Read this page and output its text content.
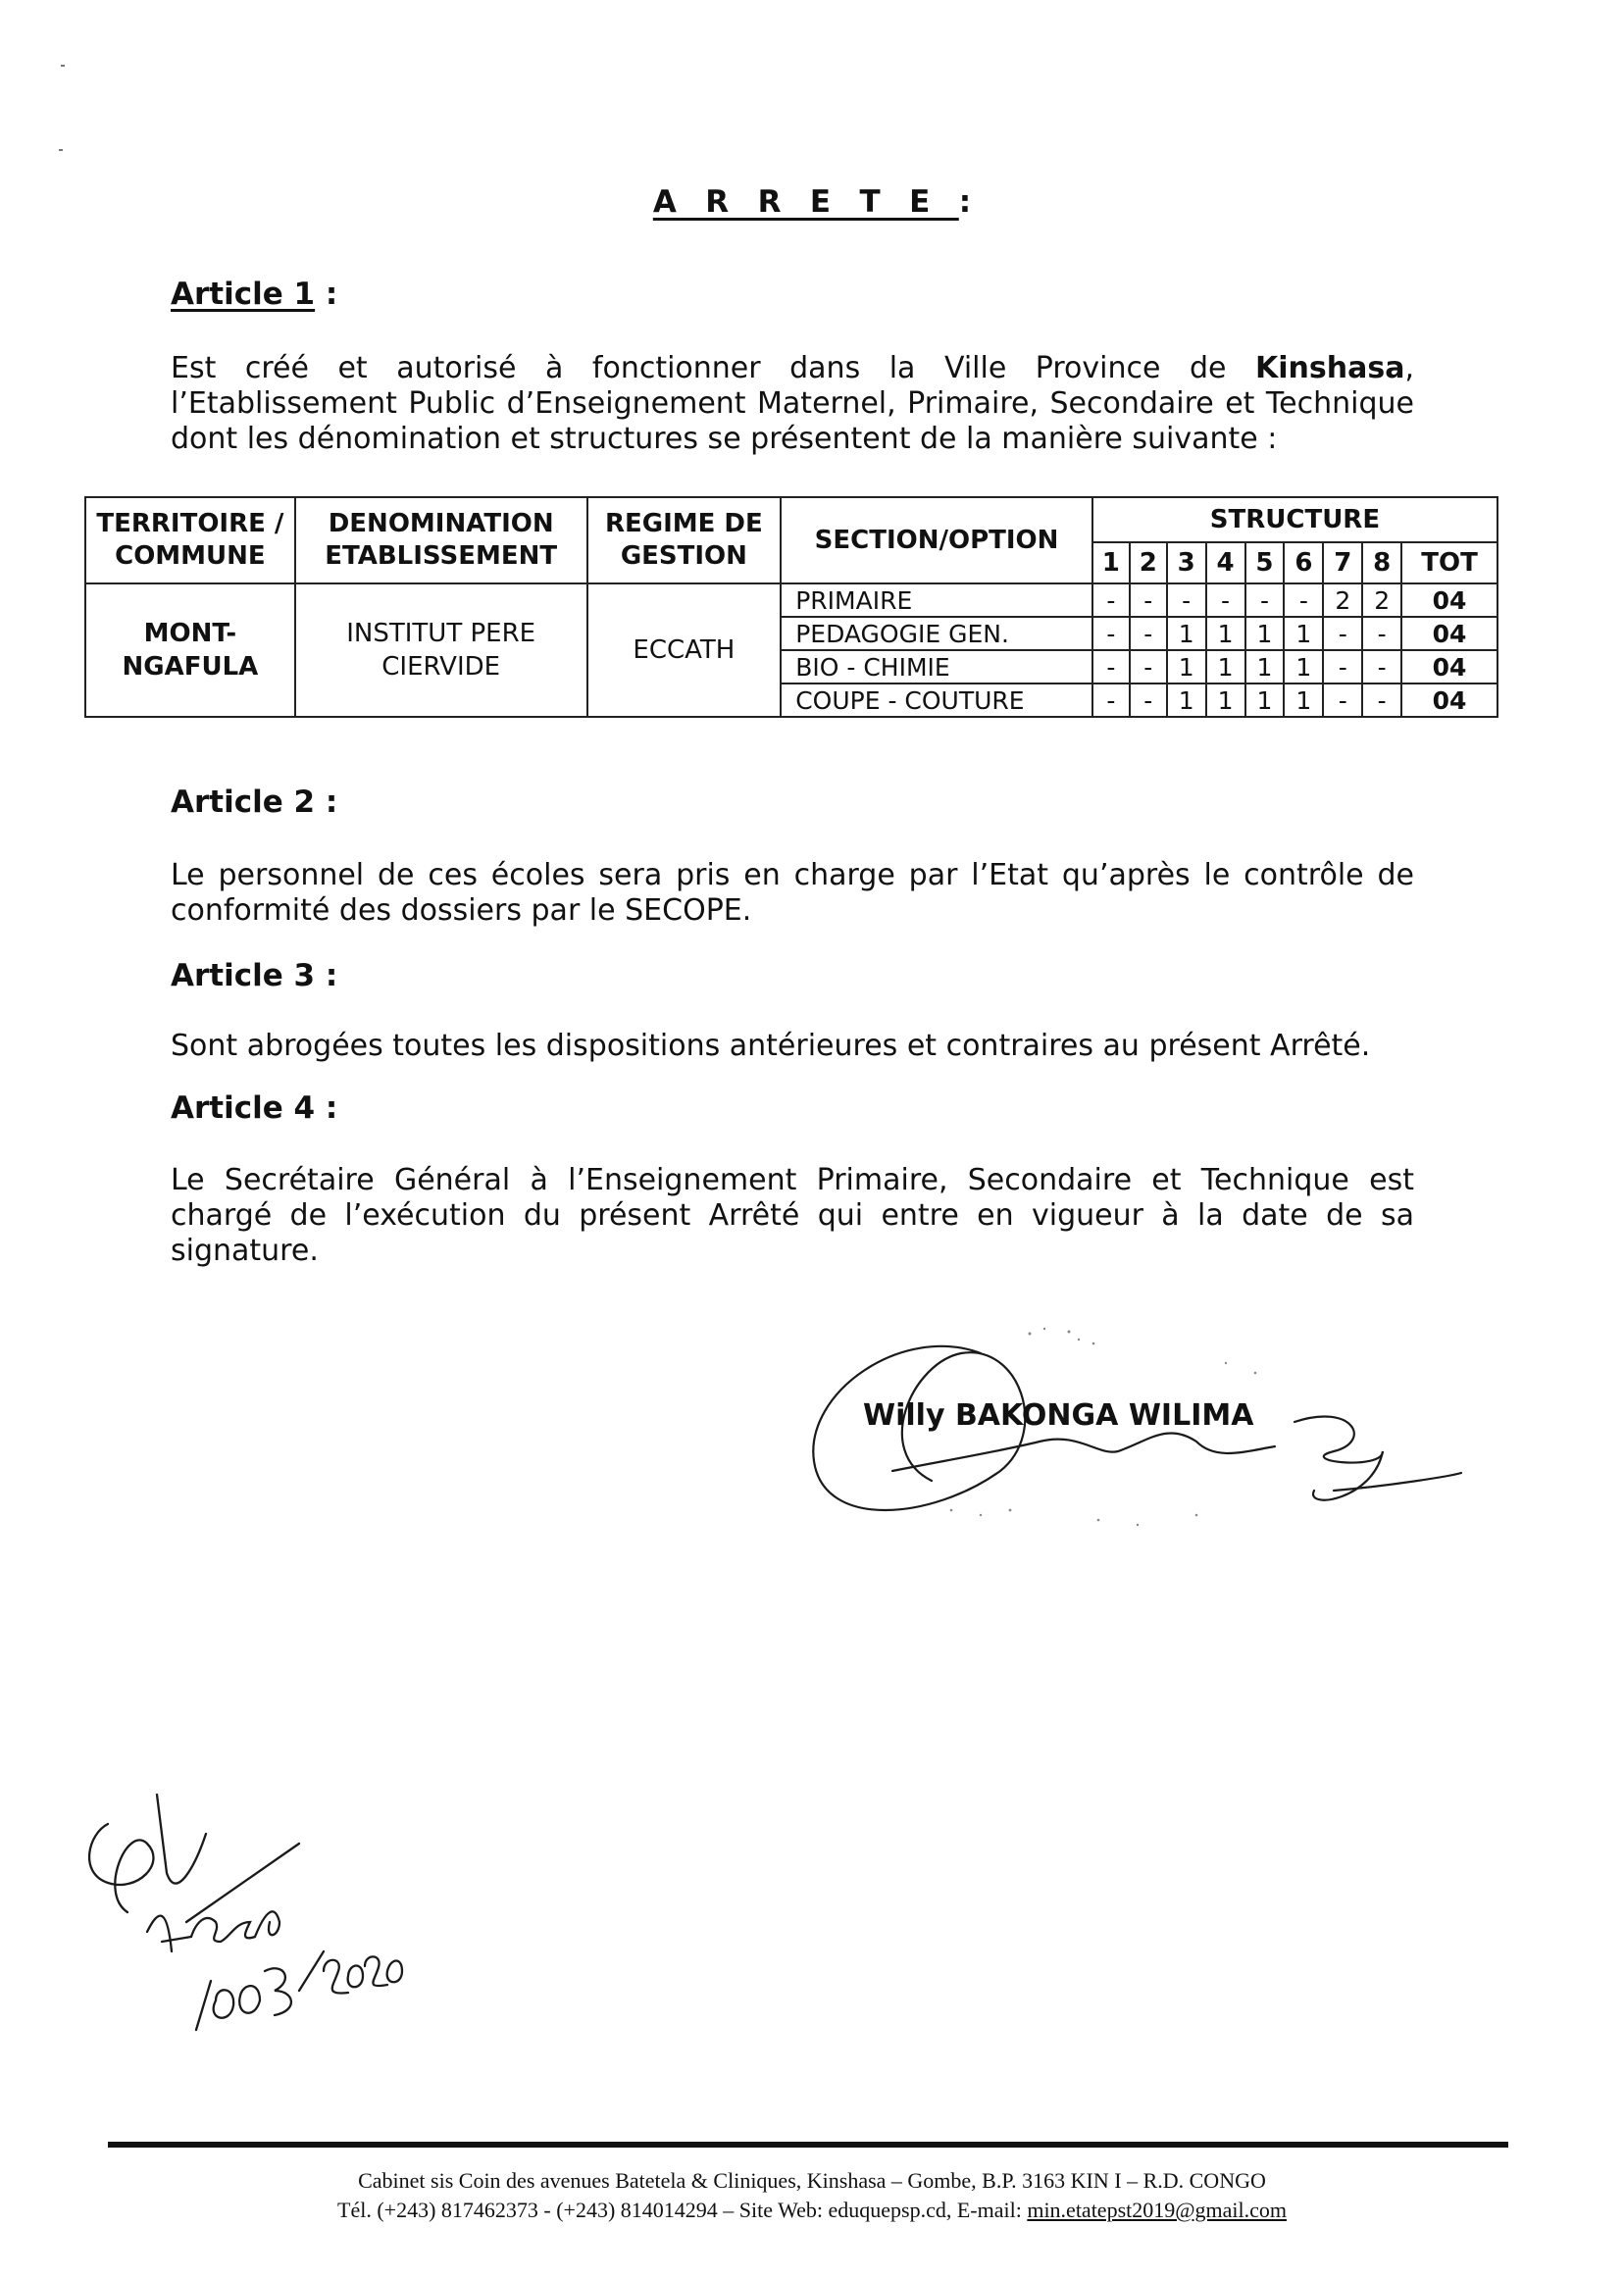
ARRETE:
Article 1 :
Est créé et autorisé à fonctionner dans la Ville Province de Kinshasa, l’Etablissement Public d’Enseignement Maternel, Primaire, Secondaire et Technique dont les dénomination et structures se présentent de la manière suivante :
TERRITOIRE / COMMUNE	DENOMINATION ETABLISSEMENT	REGIME DE GESTION	SECTION/OPTION	STRUCTURE								
				1	2	3	4	5	6	7	8	TOT
MONT-NGAFULA	INSTITUT PERE CIERVIDE	ECCATH	PRIMAIRE	-	-	-	-	-	-	2	2	04
			PEDAGOGIE GEN.	-	-	1	1	1	1	-	-	04
			BIO - CHIMIE	-	-	1	1	1	1	-	-	04
			COUPE - COUTURE	-	-	1	1	1	1	-	-	04
Article 2 :
Le personnel de ces écoles sera pris en charge par l’Etat qu’après le contrôle de conformité des dossiers par le SECOPE.
Article 3 :
Sont abrogées toutes les dispositions antérieures et contraires au présent Arrêté.
Article 4 :
Le Secrétaire Général à l’Enseignement Primaire, Secondaire et Technique est chargé de l’exécution du présent Arrêté qui entre en vigueur à la date de sa signature.
Willy BAKONGA WILIMA
Cabinet sis Coin des avenues Batetela & Cliniques, Kinshasa – Gombe, B.P. 3163 KIN I – R.D. CONGO
Tél. (+243) 817462373 - (+243) 814014294 – Site Web: eduquepsp.cd, E-mail: min.etatepst2019@gmail.com
